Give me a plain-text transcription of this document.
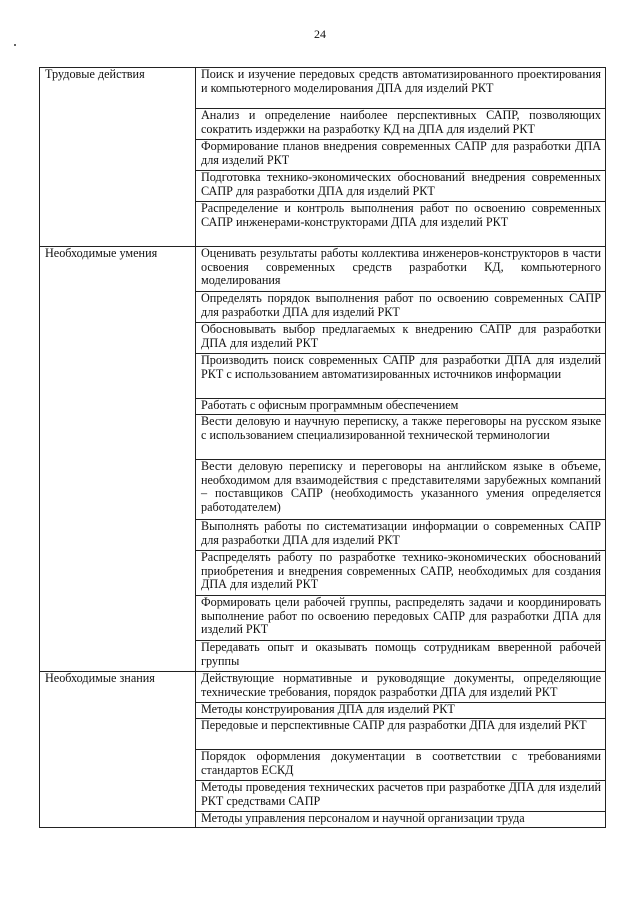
24
Трудовые действия	Поиск и изучение передовых средств автоматизированного проектирования и компьютерного моделирования ДПА для изделий РКТ
	Анализ и определение наиболее перспективных САПР, позволяющих сократить издержки на разработку КД на ДПА для изделий РКТ
	Формирование планов внедрения современных САПР для разработки ДПА для изделий РКТ
	Подготовка технико-экономических обоснований внедрения современных САПР для разработки ДПА для изделий РКТ
	Распределение и контроль выполнения работ по освоению современных САПР инженерами-конструкторами ДПА для изделий РКТ
Необходимые умения	Оценивать результаты работы коллектива инженеров-конструкторов в части освоения современных средств разработки КД, компьютерного моделирования
	Определять порядок выполнения работ по освоению современных САПР для разработки ДПА для изделий РКТ
	Обосновывать выбор предлагаемых к внедрению САПР для разработки ДПА для изделий РКТ
	Производить поиск современных САПР для разработки ДПА для изделий РКТ с использованием автоматизированных источников информации
	Работать с офисным программным обеспечением
	Вести деловую и научную переписку, а также переговоры на русском языке с использованием специализированной технической терминологии
	Вести деловую переписку и переговоры на английском языке в объеме, необходимом для взаимодействия с представителями зарубежных компаний – поставщиков САПР (необходимость указанного умения определяется работодателем)
	Выполнять работы по систематизации информации о современных САПР для разработки ДПА для изделий РКТ
	Распределять работу по разработке технико-экономических обоснований приобретения и внедрения современных САПР, необходимых для создания ДПА для изделий РКТ
	Формировать цели рабочей группы, распределять задачи и координировать выполнение работ по освоению передовых САПР для разработки ДПА для изделий РКТ
	Передавать опыт и оказывать помощь сотрудникам вверенной рабочей группы
Необходимые знания	Действующие нормативные и руководящие документы, определяющие технические требования, порядок разработки ДПА для изделий РКТ
	Методы конструирования ДПА для изделий РКТ
	Передовые и перспективные САПР для разработки ДПА для изделий РКТ
	Порядок оформления документации в соответствии с требованиями стандартов ЕСКД
	Методы проведения технических расчетов при разработке ДПА для изделий РКТ средствами САПР
	Методы управления персоналом и научной организации труда
